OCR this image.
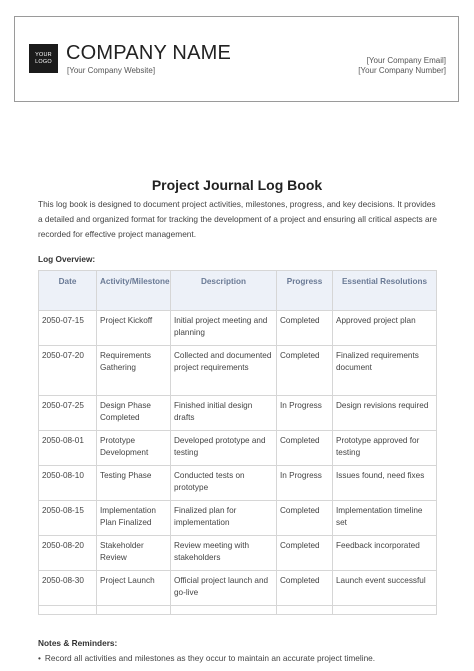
YOUR
LOGO COMPANY NAME
[Your Company Website]
[Your Company Email]
[Your Company Number]
Project Journal Log Book

This log book is designed to document project activities, milestones, progress, and key decisions. It provides a detailed and organized format for tracking the development of a project and ensuring all critical aspects are recorded for effective project management.

Log Overview:
Date	Activity/Milestone	Description	Progress	Essential Resolutions
2050-07-15	Project Kickoff	Initial project meeting and planning	Completed	Approved project plan
2050-07-20	Requirements Gathering	Collected and documented project requirements	Completed	Finalized requirements document
2050-07-25	Design Phase Completed	Finished initial design drafts	In Progress	Design revisions required
2050-08-01	Prototype Development	Developed prototype and testing	Completed	Prototype approved for testing
2050-08-10	Testing Phase	Conducted tests on prototype	In Progress	Issues found, need fixes
2050-08-15	Implementation Plan Finalized	Finalized plan for implementation	Completed	Implementation timeline set
2050-08-20	Stakeholder Review	Review meeting with stakeholders	Completed	Feedback incorporated
2050-08-30	Project Launch	Official project launch and go-live	Completed	Launch event successful

Notes & Reminders:
• Record all activities and milestones as they occur to maintain an accurate project timeline.
